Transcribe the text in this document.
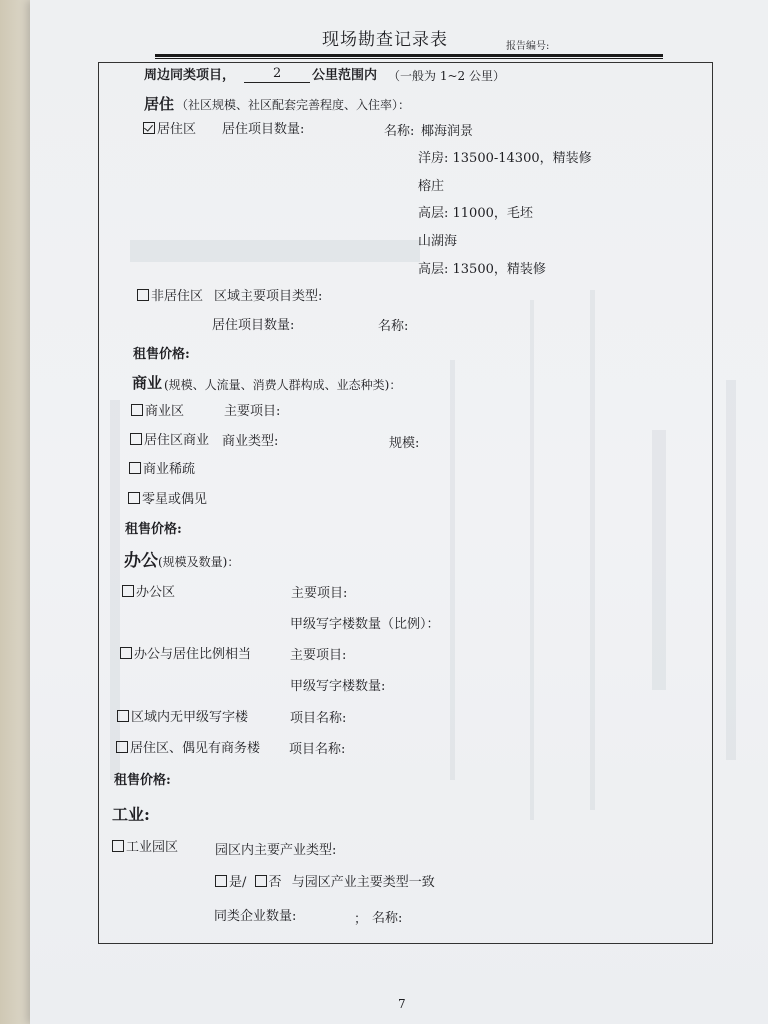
现场勘查记录表	报告编号:
周边同类项目，	2 公里范围内 （一般为 1~2 公里）
居住 （社区规模、社区配套完善程度、入住率）：
居住区 居住项目数量:	名称: 椰海润景
洋房: 13500-14300，精装修
榕庄
高层: 11000，毛坯
山湖海
高层: 13500，精装修
非居住区 区域主要项目类型:
居住项目数量:	名称:
租售价格:
商业 (规模、人流量、消费人群构成、业态种类)：
商业区	主要项目:
居住区商业 商业类型:	规模:
商业稀疏
零星或偶见
租售价格:
办公 (规模及数量)：
办公区	主要项目:
甲级写字楼数量（比例）：
办公与居住比例相当	主要项目:
甲级写字楼数量:
区域内无甲级写字楼	项目名称:
居住区、偶见有商务楼 项目名称:
租售价格:
工业:
工业园区	园区内主要产业类型:
是/ 否 与园区产业主要类型一致
同类企业数量:	； 名称:
7
